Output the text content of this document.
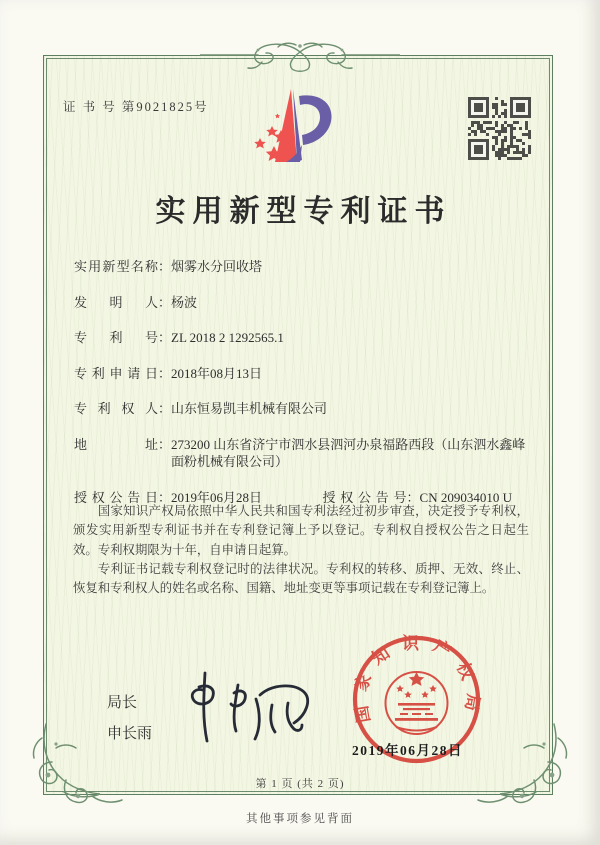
证 书 号 第9021825号
实用新型专利证书
实用新型名称 ： 烟雾水分回收塔
发明人 ： 杨波
专利号 ： ZL 2018 2 1292565.1
专利申请日 ： 2018年08月13日
专利权人 ： 山东恒易凯丰机械有限公司
地址 ： 273200 山东省济宁市泗水县泗河办泉福路西段（山东泗水鑫峰面粉机械有限公司）
授权公告日 ： 2019年06月28日	授权公告号 ： CN 209034010 U

国家知识产权局依照中华人民共和国专利法经过初步审查，决定授予专利权，颁发实用新型专利证书并在专利登记簿上予以登记。专利权自授权公告之日起生效。专利权期限为十年，自申请日起算。

专利证书记载专利权登记时的法律状况。专利权的转移、质押、无效、终止、恢复和专利权人的姓名或名称、国籍、地址变更等事项记载在专利登记簿上。

局长
申长雨
国家知识产权局
2019年06月28日
第 1 页 (共 2 页)
其他事项参见背面
